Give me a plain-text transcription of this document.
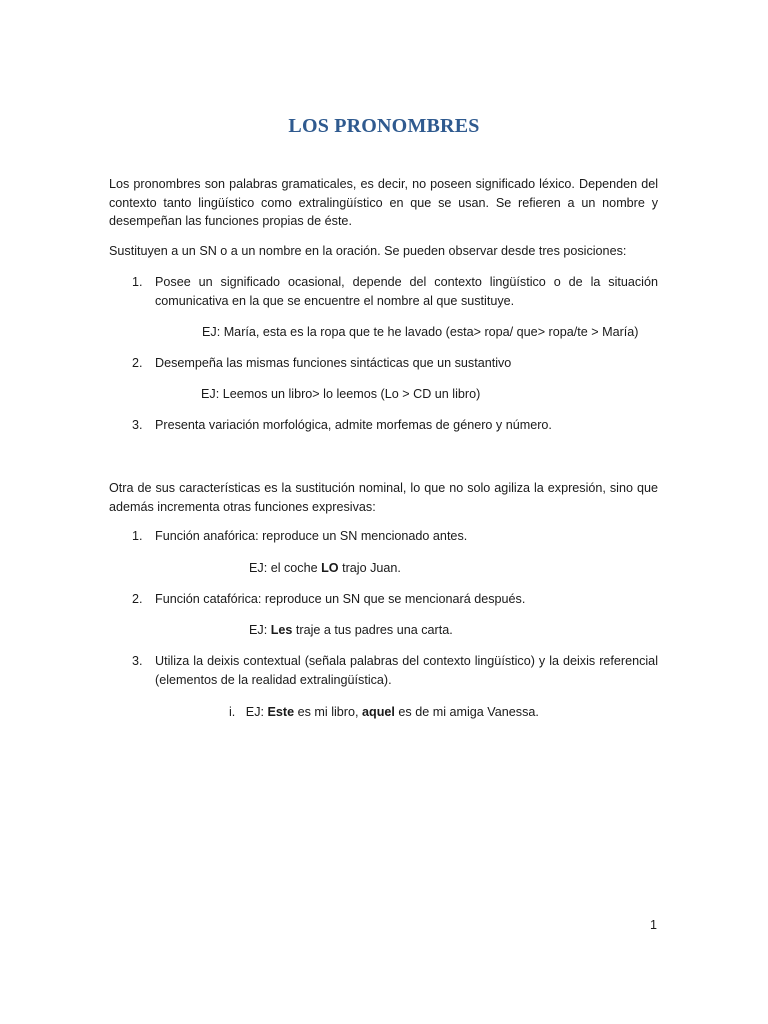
LOS PRONOMBRES
Los pronombres son palabras gramaticales, es decir, no poseen significado léxico. Dependen del contexto tanto lingüístico como extralingüístico en que se usan. Se refieren a un nombre y desempeñan las funciones propias de éste.
Sustituyen a un SN o a un nombre en la oración. Se pueden observar desde tres posiciones:
1. Posee un significado ocasional, depende del contexto lingüístico o de la situación comunicativa en la que se encuentre el nombre al que sustituye.
EJ: María, esta es la ropa que te he lavado (esta> ropa/ que> ropa/te > María)
2. Desempeña las mismas funciones sintácticas que un sustantivo
EJ: Leemos un libro> lo leemos (Lo > CD un libro)
3. Presenta variación morfológica, admite morfemas de género y número.
Otra de sus características es la sustitución nominal, lo que no solo agiliza la expresión, sino que además incrementa otras funciones expresivas:
1. Función anafórica: reproduce un SN mencionado antes.
EJ: el coche LO trajo Juan.
2. Función catafórica: reproduce un SN que se mencionará después.
EJ: Les traje a tus padres una carta.
3. Utiliza la deixis contextual (señala palabras del contexto lingüístico) y la deixis referencial (elementos de la realidad extralingüística).
i. EJ: Este es mi libro, aquel es de mi amiga Vanessa.
1
